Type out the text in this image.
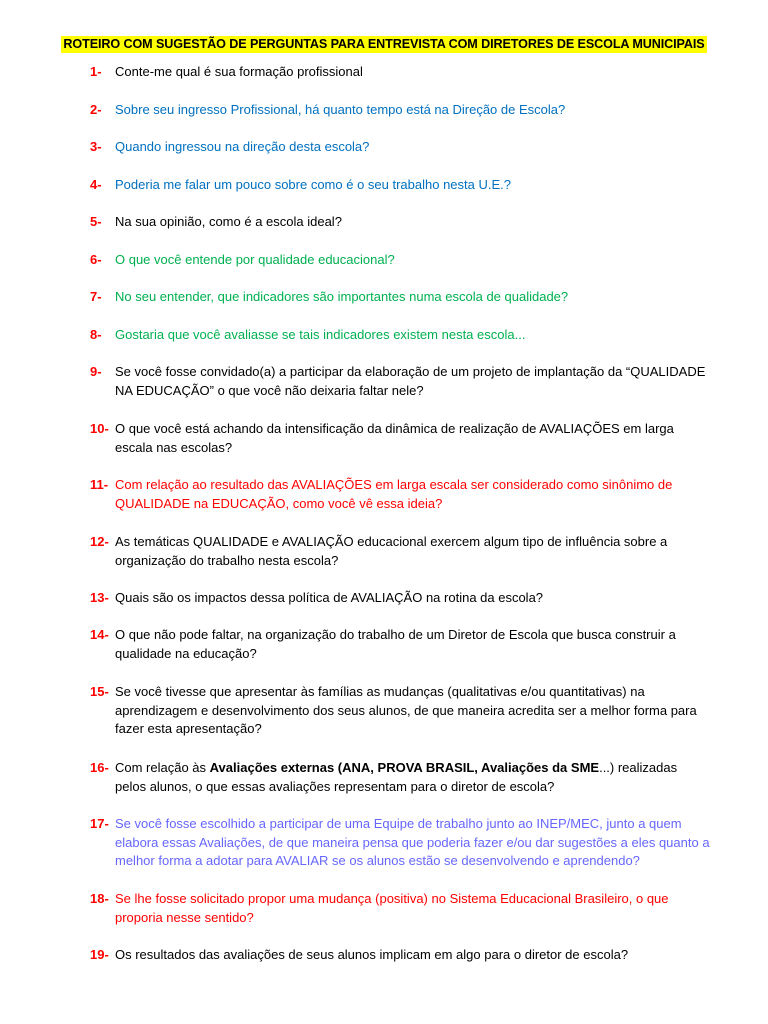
ROTEIRO COM SUGESTÃO DE PERGUNTAS PARA ENTREVISTA COM DIRETORES DE ESCOLA MUNICIPAIS
1- Conte-me qual é sua formação profissional
2- Sobre seu ingresso Profissional, há quanto tempo está na Direção de Escola?
3- Quando ingressou na direção desta escola?
4- Poderia me falar um pouco sobre como é o seu trabalho nesta U.E.?
5- Na sua opinião, como é a escola ideal?
6- O que você entende por qualidade educacional?
7- No seu entender, que indicadores são importantes numa escola de qualidade?
8- Gostaria que você avaliasse se tais indicadores existem nesta escola...
9- Se você fosse convidado(a) a participar da elaboração de um projeto de implantação da “QUALIDADE NA EDUCAÇÃO” o que você não deixaria faltar nele?
10- O que você está achando da intensificação da dinâmica de realização de AVALIAÇÕES em larga escala nas escolas?
11- Com relação ao resultado das AVALIAÇÕES em larga escala ser considerado como sinônimo de QUALIDADE na EDUCAÇÃO, como você vê essa ideia?
12- As temáticas QUALIDADE e AVALIAÇÃO educacional exercem algum tipo de influência sobre a organização do trabalho nesta escola?
13- Quais são os impactos dessa política de AVALIAÇÃO na rotina da escola?
14- O que não pode faltar, na organização do trabalho de um Diretor de Escola que busca construir a qualidade na educação?
15- Se você tivesse que apresentar às famílias as mudanças (qualitativas e/ou quantitativas) na aprendizagem e desenvolvimento dos seus alunos, de que maneira acredita ser a melhor forma para fazer esta apresentação?
16- Com relação às Avaliações externas (ANA, PROVA BRASIL, Avaliações da SME...) realizadas pelos alunos, o que essas avaliações representam para o diretor de escola?
17- Se você fosse escolhido a participar de uma Equipe de trabalho junto ao INEP/MEC, junto a quem elabora essas Avaliações, de que maneira pensa que poderia fazer e/ou dar sugestões a eles quanto a melhor forma a adotar para AVALIAR se os alunos estão se desenvolvendo e aprendendo?
18- Se lhe fosse solicitado propor uma mudança (positiva) no Sistema Educacional Brasileiro, o que proporia nesse sentido?
19- Os resultados das avaliações de seus alunos implicam em algo para o diretor de escola?
